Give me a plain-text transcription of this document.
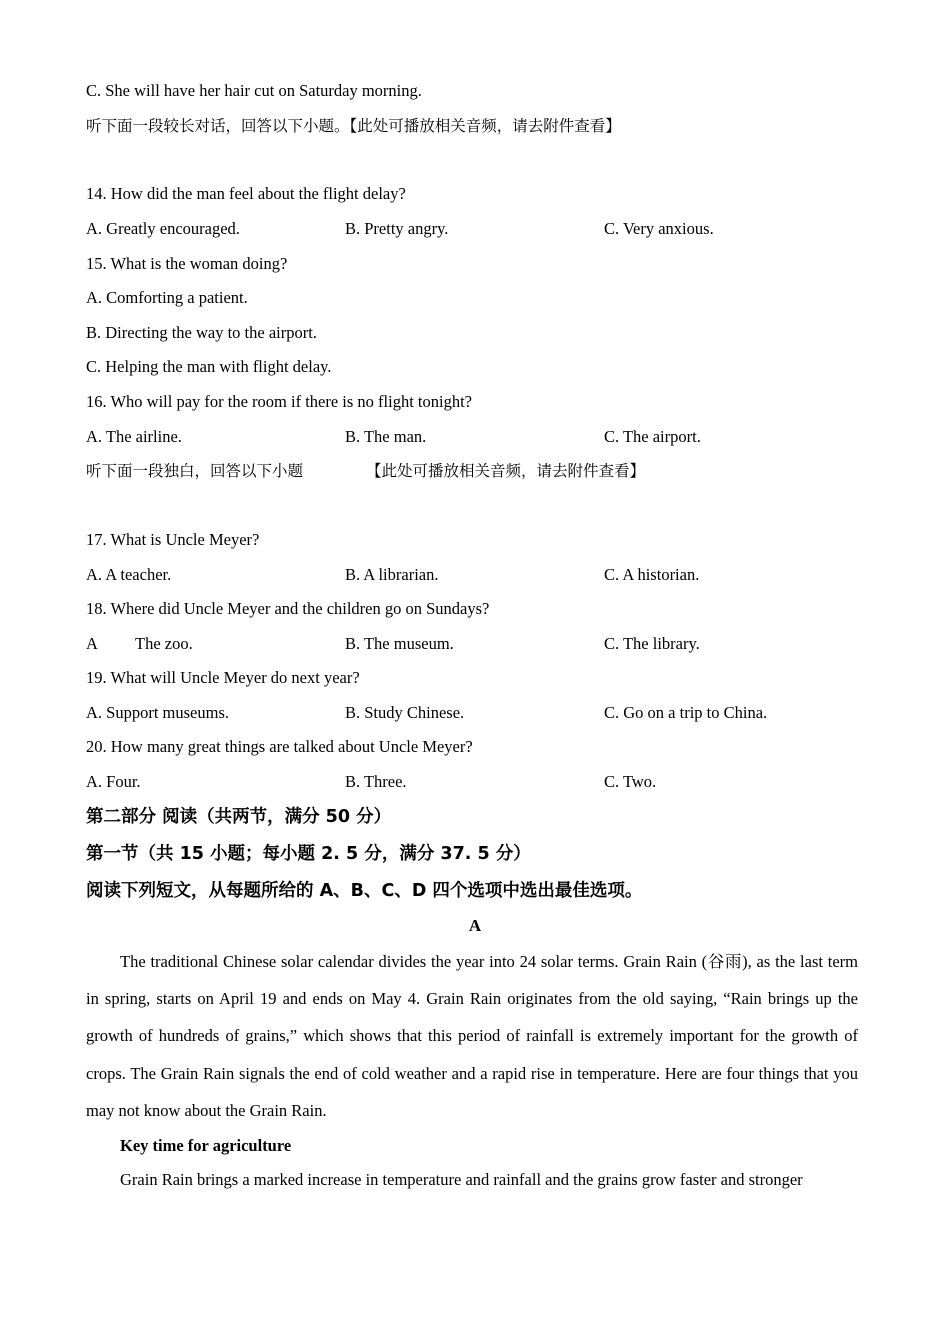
C. She will have her hair cut on Saturday morning.
听下面一段较长对话，回答以下小题。【此处可播放相关音频，请去附件查看】
14. How did the man feel about the flight delay?
A. Greatly encouraged.	B. Pretty angry.	C. Very anxious.
15. What is the woman doing?
A. Comforting a patient.
B. Directing the way to the airport.
C. Helping the man with flight delay.
16. Who will pay for the room if there is no flight tonight?
A. The airline.	B. The man.	C. The airport.
听下面一段独白，回答以下小题	【此处可播放相关音频，请去附件查看】
17. What is Uncle Meyer?
A. A teacher.	B. A librarian.	C. A historian.
18. Where did Uncle Meyer and the children go on Sundays?
A The zoo.	B. The museum.	C. The library.
19. What will Uncle Meyer do next year?
A. Support museums.	B. Study Chinese.	C. Go on a trip to China.
20. How many great things are talked about Uncle Meyer?
A. Four.	B. Three.	C. Two.
第二部分 阅读（共两节，满分 50 分）
第一节（共 15 小题；每小题 2. 5 分，满分 37. 5 分）
阅读下列短文，从每题所给的 A、B、C、D 四个选项中选出最佳选项。
A
The traditional Chinese solar calendar divides the year into 24 solar terms. Grain Rain (谷雨), as the last term in spring, starts on April 19 and ends on May 4. Grain Rain originates from the old saying, “Rain brings up the growth of hundreds of grains,” which shows that this period of rainfall is extremely important for the growth of crops. The Grain Rain signals the end of cold weather and a rapid rise in temperature. Here are four things that you may not know about the Grain Rain.
Key time for agriculture
Grain Rain brings a marked increase in temperature and rainfall and the grains grow faster and stronger
